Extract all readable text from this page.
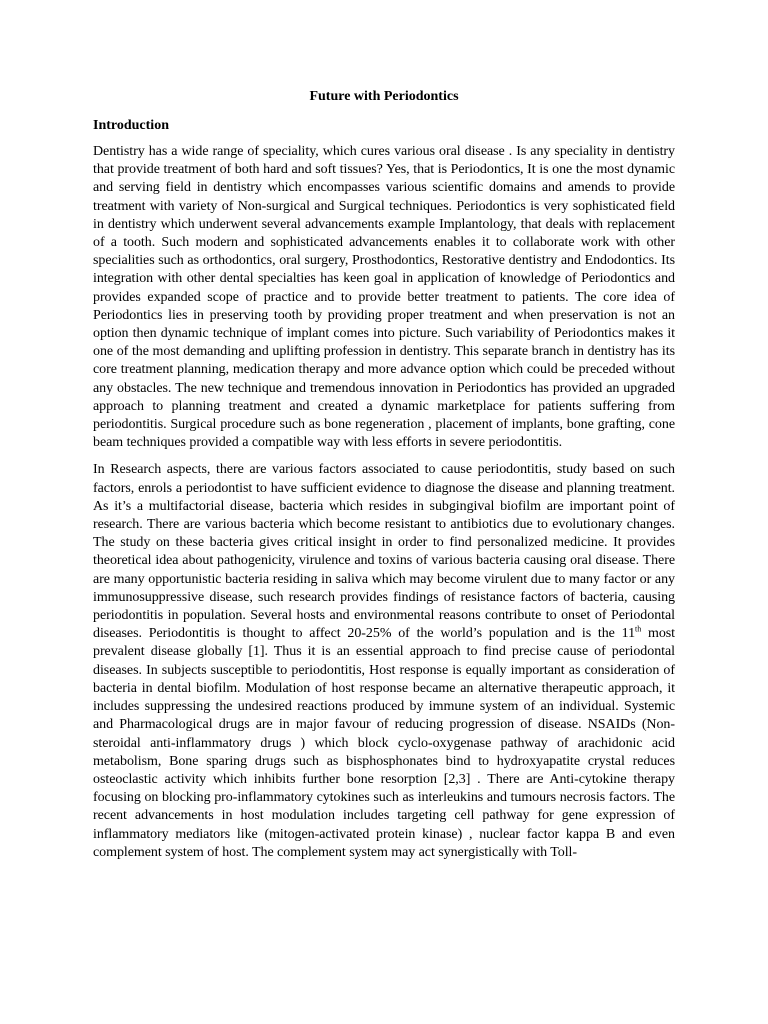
Future with Periodontics
Introduction

Dentistry has a wide range of speciality, which cures various oral disease . Is any speciality in dentistry that provide treatment of both hard and soft tissues? Yes, that is Periodontics, It is one the most dynamic and serving field in dentistry which encompasses various scientific domains and amends to provide treatment with variety of Non-surgical and Surgical techniques. Periodontics is very sophisticated field in dentistry which underwent several advancements example Implantology, that deals with replacement of a tooth. Such modern and sophisticated advancements enables it to collaborate work with other specialities such as orthodontics, oral surgery, Prosthodontics, Restorative dentistry and Endodontics. Its integration with other dental specialties has keen goal in application of knowledge of Periodontics and provides expanded scope of practice and to provide better treatment to patients. The core idea of Periodontics lies in preserving tooth by providing proper treatment and when preservation is not an option then dynamic technique of implant comes into picture. Such variability of Periodontics makes it one of the most demanding and uplifting profession in dentistry. This separate branch in dentistry has its core treatment planning, medication therapy and more advance option which could be preceded without any obstacles. The new technique and tremendous innovation in Periodontics has provided an upgraded approach to planning treatment and created a dynamic marketplace for patients suffering from periodontitis. Surgical procedure such as bone regeneration , placement of implants, bone grafting, cone beam techniques provided a compatible way with less efforts in severe periodontitis.

In Research aspects, there are various factors associated to cause periodontitis, study based on such factors, enrols a periodontist to have sufficient evidence to diagnose the disease and planning treatment. As it’s a multifactorial disease, bacteria which resides in subgingival biofilm are important point of research. There are various bacteria which become resistant to antibiotics due to evolutionary changes. The study on these bacteria gives critical insight in order to find personalized medicine. It provides theoretical idea about pathogenicity, virulence and toxins of various bacteria causing oral disease. There are many opportunistic bacteria residing in saliva which may become virulent due to many factor or any immunosuppressive disease, such research provides findings of resistance factors of bacteria, causing periodontitis in population. Several hosts and environmental reasons contribute to onset of Periodontal diseases. Periodontitis is thought to affect 20-25% of the world’s population and is the 11th most prevalent disease globally [1]. Thus it is an essential approach to find precise cause of periodontal diseases. In subjects susceptible to periodontitis, Host response is equally important as consideration of bacteria in dental biofilm. Modulation of host response became an alternative therapeutic approach, it includes suppressing the undesired reactions produced by immune system of an individual. Systemic and Pharmacological drugs are in major favour of reducing progression of disease. NSAIDs (Non-steroidal anti-inflammatory drugs ) which block cyclo-oxygenase pathway of arachidonic acid metabolism, Bone sparing drugs such as bisphosphonates bind to hydroxyapatite crystal reduces osteoclastic activity which inhibits further bone resorption [2,3] . There are Anti-cytokine therapy focusing on blocking pro-inflammatory cytokines such as interleukins and tumours necrosis factors. The recent advancements in host modulation includes targeting cell pathway for gene expression of inflammatory mediators like (mitogen-activated protein kinase) , nuclear factor kappa B and even complement system of host. The complement system may act synergistically with Toll-
